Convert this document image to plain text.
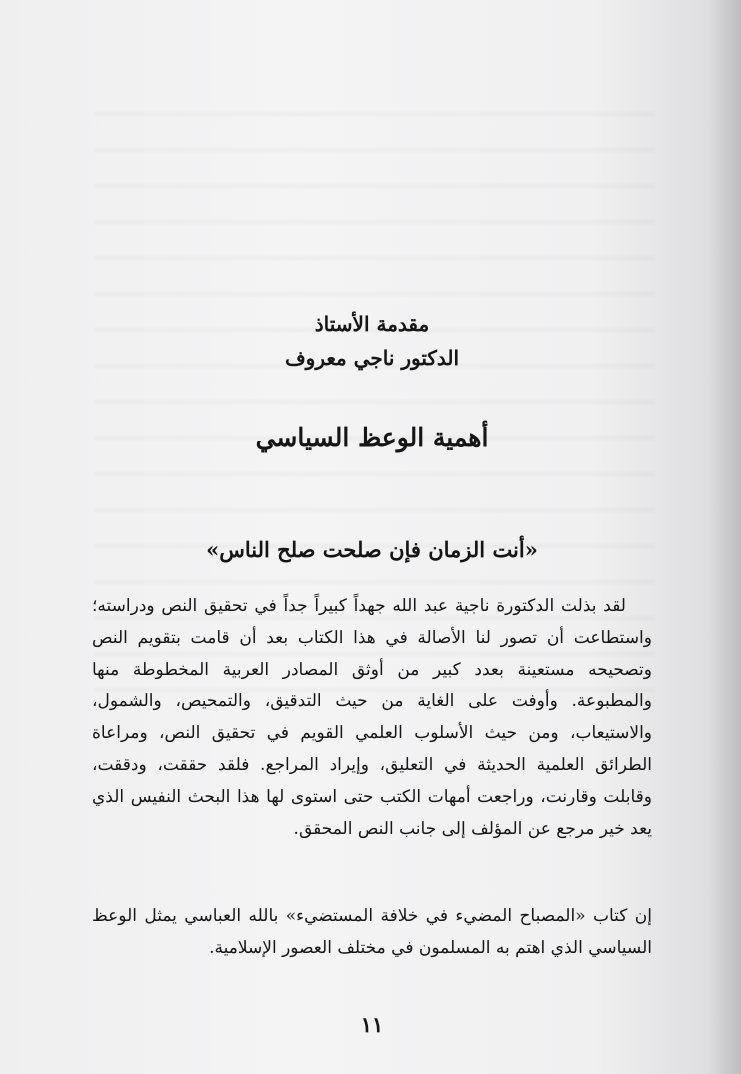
مقدمة الأستاذ
الدكتور ناجي معروف
أهمية الوعظ السياسي
«أنت الزمان فإن صلحت صلح الناس»

لقد بذلت الدكتورة ناجية عبد الله جهداً كبيراً جداً في تحقيق النص ودراسته؛ واستطاعت أن تصور لنا الأصالة في هذا الكتاب بعد أن قامت بتقويم النص وتصحيحه مستعينة بعدد كبير من أوثق المصادر العربية المخطوطة منها والمطبوعة. وأوفت على الغاية من حيث التدقيق، والتمحيص، والشمول، والاستيعاب، ومن حيث الأسلوب العلمي القويم في تحقيق النص، ومراعاة الطرائق العلمية الحديثة في التعليق، وإيراد المراجع. فلقد حققت، ودققت، وقابلت وقارنت، وراجعت أمهات الكتب حتى استوى لها هذا البحث النفيس الذي يعد خير مرجع عن المؤلف إلى جانب النص المحقق.

إن كتاب «المصباح المضيء في خلافة المستضيء» بالله العباسي يمثل الوعظ السياسي الذي اهتم به المسلمون في مختلف العصور الإسلامية.

١١
